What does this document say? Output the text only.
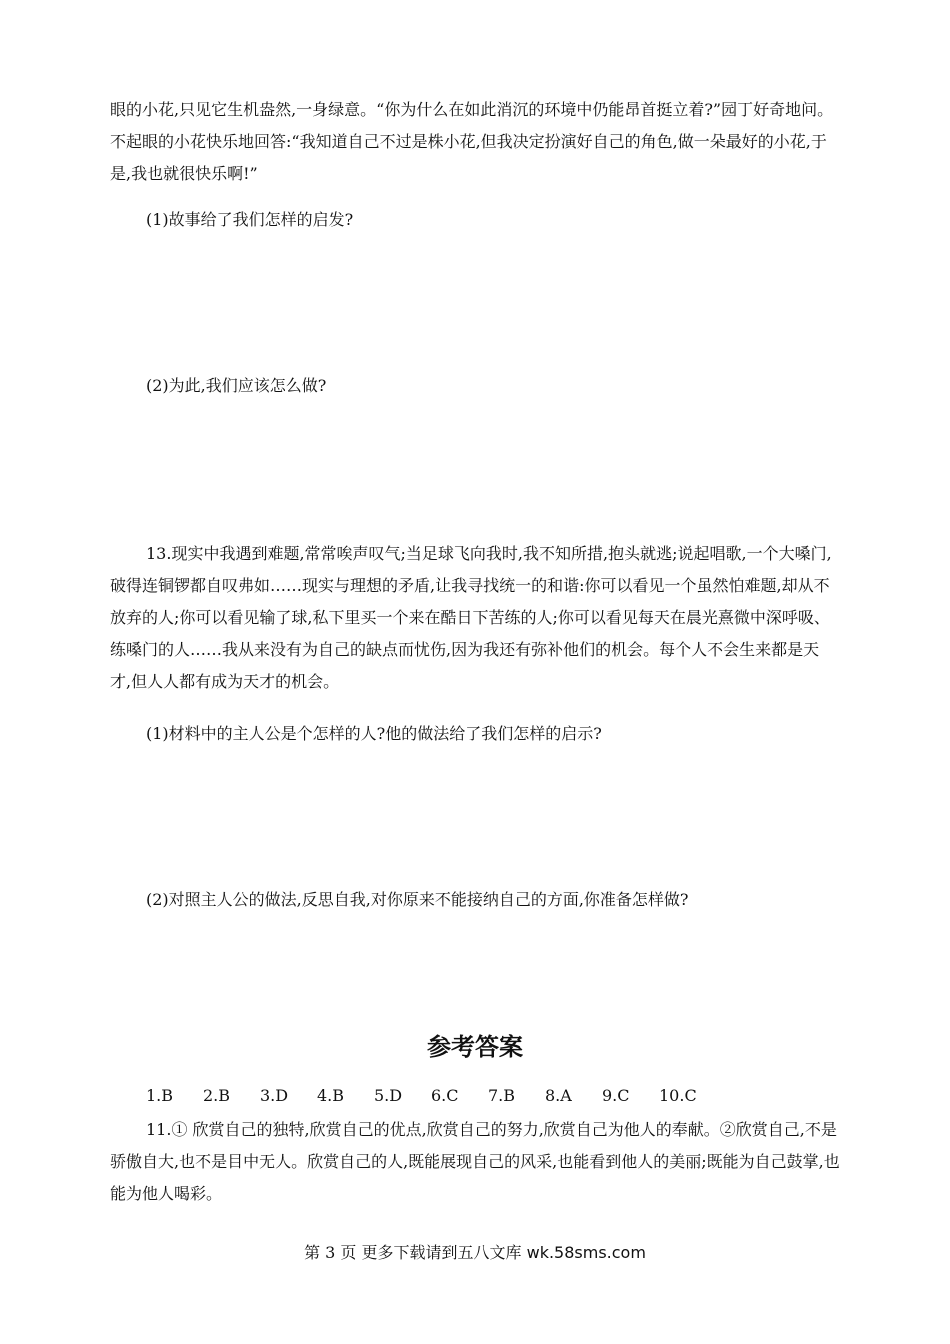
眼的小花,只见它生机盎然,一身绿意。“你为什么在如此消沉的环境中仍能昂首挺立着?”园丁好奇地问。不起眼的小花快乐地回答:“我知道自己不过是株小花,但我决定扮演好自己的角色,做一朵最好的小花,于是,我也就很快乐啊!”

(1)故事给了我们怎样的启发?

(2)为此,我们应该怎么做?

13.现实中我遇到难题,常常唉声叹气;当足球飞向我时,我不知所措,抱头就逃;说起唱歌,一个大嗓门,破得连铜锣都自叹弗如……现实与理想的矛盾,让我寻找统一的和谐:你可以看见一个虽然怕难题,却从不放弃的人;你可以看见输了球,私下里买一个来在酷日下苦练的人;你可以看见每天在晨光熹微中深呼吸、练嗓门的人……我从来没有为自己的缺点而忧伤,因为我还有弥补他们的机会。每个人不会生来都是天才,但人人都有成为天才的机会。

(1)材料中的主人公是个怎样的人?他的做法给了我们怎样的启示?

(2)对照主人公的做法,反思自我,对你原来不能接纳自己的方面,你准备怎样做?

参考答案
1.B	2.B	3.D	4.B	5.D	6.C	7.B	8.A	9.C	10.C

11.① 欣赏自己的独特,欣赏自己的优点,欣赏自己的努力,欣赏自己为他人的奉献。②欣赏自己,不是骄傲自大,也不是目中无人。欣赏自己的人,既能展现自己的风采,也能看到他人的美丽;既能为自己鼓掌,也能为他人喝彩。

第 3 页 更多下载请到五八文库 wk.58sms.com
